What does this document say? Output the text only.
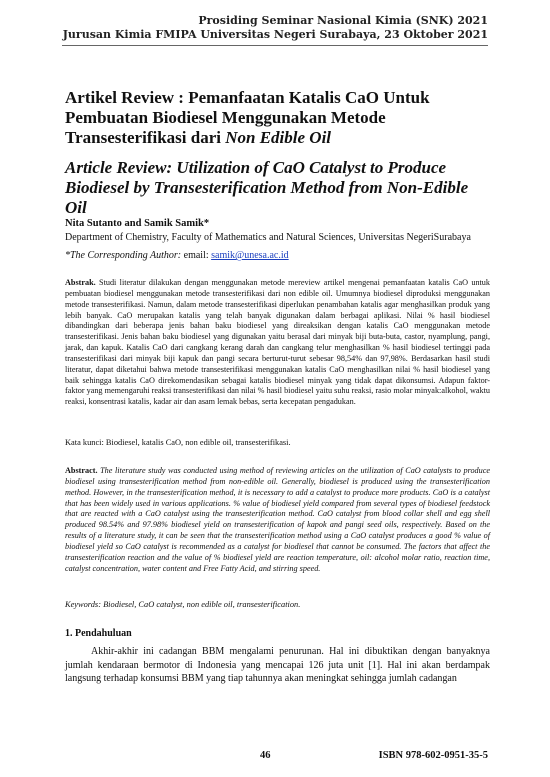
Prosiding Seminar Nasional Kimia (SNK) 2021
Jurusan Kimia FMIPA Universitas Negeri Surabaya, 23 Oktober 2021
Artikel Review : Pemanfaatan Katalis CaO Untuk Pembuatan Biodiesel Menggunakan Metode Transesterifikasi dari Non Edible Oil
Article Review: Utilization of CaO Catalyst to Produce Biodiesel by Transesterification Method from Non-Edible Oil
Nita Sutanto and Samik Samik*
Department of Chemistry, Faculty of Mathematics and Natural Sciences, Universitas NegeriSurabaya
*The Corresponding Author: email: samik@unesa.ac.id
Abstrak. Studi literatur dilakukan dengan menggunakan metode mereview artikel mengenai pemanfaatan katalis CaO untuk pembuatan biodiesel menggunakan metode transesterifikasi dari non edible oil. Umumnya biodiesel diproduksi menggunakan metode transesterifikasi. Namun, dalam metode transesterifikasi diperlukan penambahan katalis agar menghasilkan produk yang lebih banyak. CaO merupakan katalis yang telah banyak digunakan dalam berbagai aplikasi. Nilai % hasil biodiesel dibandingkan dari beberapa jenis bahan baku biodiesel yang direaksikan dengan katalis CaO menggunakan metode transesterifikasi. Jenis bahan baku biodiesel yang digunakan yaitu berasal dari minyak biji buta-buta, castor, nyamplung, pangi, jarak, dan kapuk. Katalis CaO dari cangkang kerang darah dan cangkang telur menghasilkan % hasil biodiesel tertinggi pada transesterifikasi dari minyak biji kapuk dan pangi secara berturut-turut sebesar 98,54% dan 97,98%. Berdasarkan hasil studi literatur, dapat diketahui bahwa metode transesterifikasi menggunakan katalis CaO menghasilkan nilai % hasil biodiesel yang baik sehingga katalis CaO direkomendasikan sebagai katalis biodiesel minyak yang tidak dapat dikonsumsi. Adapun faktor-faktor yang memengaruhi reaksi transesterifikasi dan nilai % hasil biodiesel yaitu suhu reaksi, rasio molar minyak:alkohol, waktu reaksi, konsentrasi katalis, kadar air dan asam lemak bebas, serta kecepatan pengadukan.
Kata kunci: Biodiesel, katalis CaO, non edible oil, transesterifikasi.
Abstract. The literature study was conducted using method of reviewing articles on the utilization of CaO catalysts to produce biodiesel using transesterification method from non-edible oil. Generally, biodiesel is produced using the transesterification method. However, in the transesterification method, it is necessary to add a catalyst to produce more products. CaO is a catalyst that has been widely used in various applications. % value of biodiesel yield compared from several types of biodiesel feedstock that are reacted with a CaO catalyst using the transesterification method. CaO catalyst from blood collar shell and egg shell produced 98.54% and 97.98% biodiesel yield on transesterification of kapok and pangi seed oils, respectively. Based on the results of a literature study, it can be seen that the transesterification method using a CaO catalyst produces a good % value of biodiesel yield so CaO catalyst is recommended as a catalyst for biodiesel that cannot be consumed. The factors that affect the transesterification reaction and the value of % biodiesel yield are reaction temperature, oil: alcohol molar ratio, reaction time, catalyst concentration, water content and Free Fatty Acid, and stirring speed.
Keywords: Biodiesel, CaO catalyst, non edible oil, transesterification.
1. Pendahuluan
Akhir-akhir ini cadangan BBM mengalami penurunan. Hal ini dibuktikan dengan banyaknya jumlah kendaraan bermotor di Indonesia yang mencapai 126 juta unit [1]. Hal ini akan berdampak langsung terhadap konsumsi BBM yang tiap tahunnya akan meningkat sehingga jumlah cadangan
46	ISBN 978-602-0951-35-5
